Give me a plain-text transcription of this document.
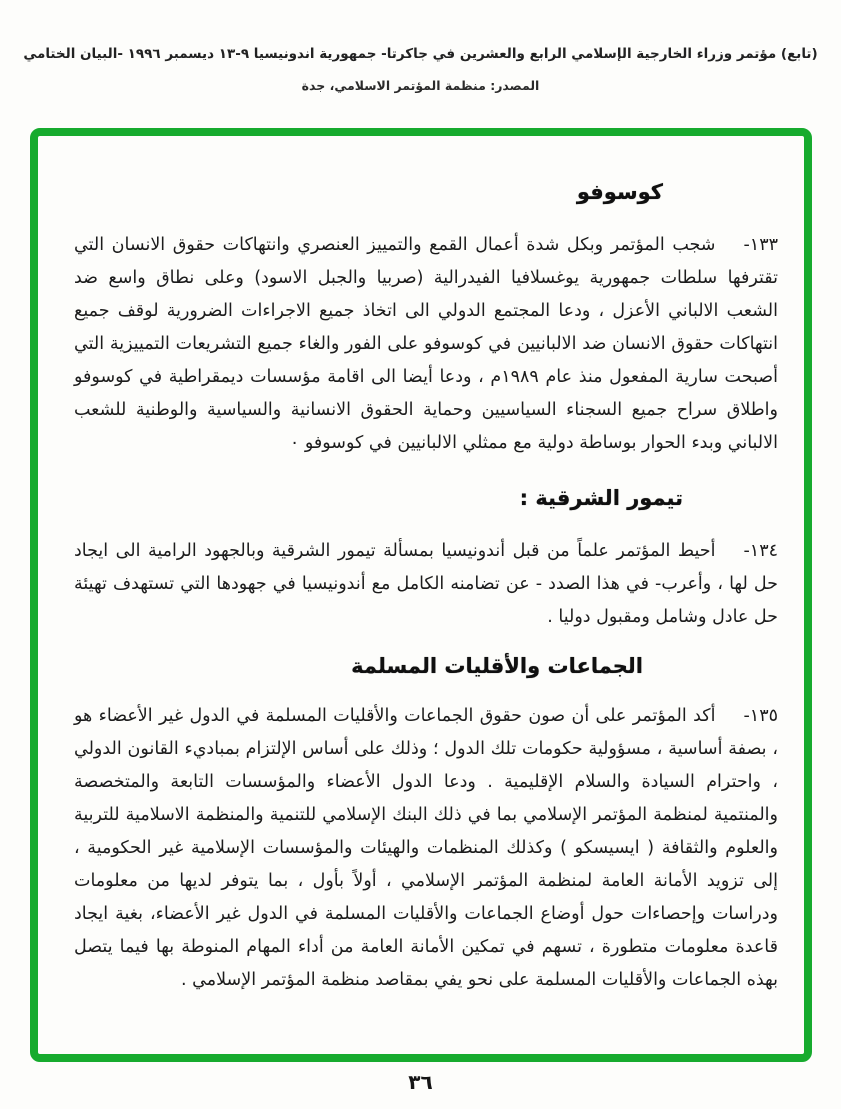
(تابع) مؤتمر وزراء الخارجية الإسلامي الرابع والعشرين في جاكرتا- جمهورية اندونيسيا ٩-١٣ ديسمبر ١٩٩٦ -البيان الختامي
المصدر: منظمة المؤتمر الاسلامي، جدة
كوسوفو

١٣٣-شجب المؤتمر وبكل شدة أعمال القمع والتمييز العنصري وانتهاكات حقوق الانسان التي تقترفها سلطات جمهورية يوغسلافيا الفيدرالية (صربيا والجبل الاسود) وعلى نطاق واسع ضد الشعب الالباني الأعزل ، ودعا المجتمع الدولي الى اتخاذ جميع الاجراءات الضرورية لوقف جميع انتهاكات حقوق الانسان ضد الالبانيين في كوسوفو على الفور والغاء جميع التشريعات التمييزية التي أصبحت سارية المفعول منذ عام ١٩٨٩م ، ودعا أيضا الى اقامة مؤسسات ديمقراطية في كوسوفو واطلاق سراح جميع السجناء السياسيين وحماية الحقوق الانسانية والسياسية والوطنية للشعب الالباني وبدء الحوار بوساطة دولية مع ممثلي الالبانيين في كوسوفو ٠

تيمور الشرقية :

١٣٤-أحيط المؤتمر علماً من قبل أندونيسيا بمسألة تيمور الشرقية وبالجهود الرامية الى ايجاد حل لها ، وأعرب- في هذا الصدد - عن تضامنه الكامل مع أندونيسيا في جهودها التي تستهدف تهيئة حل عادل وشامل ومقبول دوليا .

الجماعات والأقليات المسلمة

١٣٥-أكد المؤتمر على أن صون حقوق الجماعات والأقليات المسلمة في الدول غير الأعضاء هو ، بصفة أساسية ، مسؤولية حكومات تلك الدول ؛ وذلك على أساس الإلتزام بمباديء القانون الدولي ، واحترام السيادة والسلام الإقليمية . ودعا الدول الأعضاء والمؤسسات التابعة والمتخصصة والمنتمية لمنظمة المؤتمر الإسلامي بما في ذلك البنك الإسلامي للتنمية والمنظمة الاسلامية للتربية والعلوم والثقافة ( ايسيسكو ) وكذلك المنظمات والهيئات والمؤسسات الإسلامية غير الحكومية ، إلى تزويد الأمانة العامة لمنظمة المؤتمر الإسلامي ، أولاً بأول ، بما يتوفر لديها من معلومات ودراسات وإحصاءات حول أوضاع الجماعات والأقليات المسلمة في الدول غير الأعضاء، بغية ايجاد قاعدة معلومات متطورة ، تسهم في تمكين الأمانة العامة من أداء المهام المنوطة بها فيما يتصل بهذه الجماعات والأقليات المسلمة على نحو يفي بمقاصد منظمة المؤتمر الإسلامي .

٣٦
